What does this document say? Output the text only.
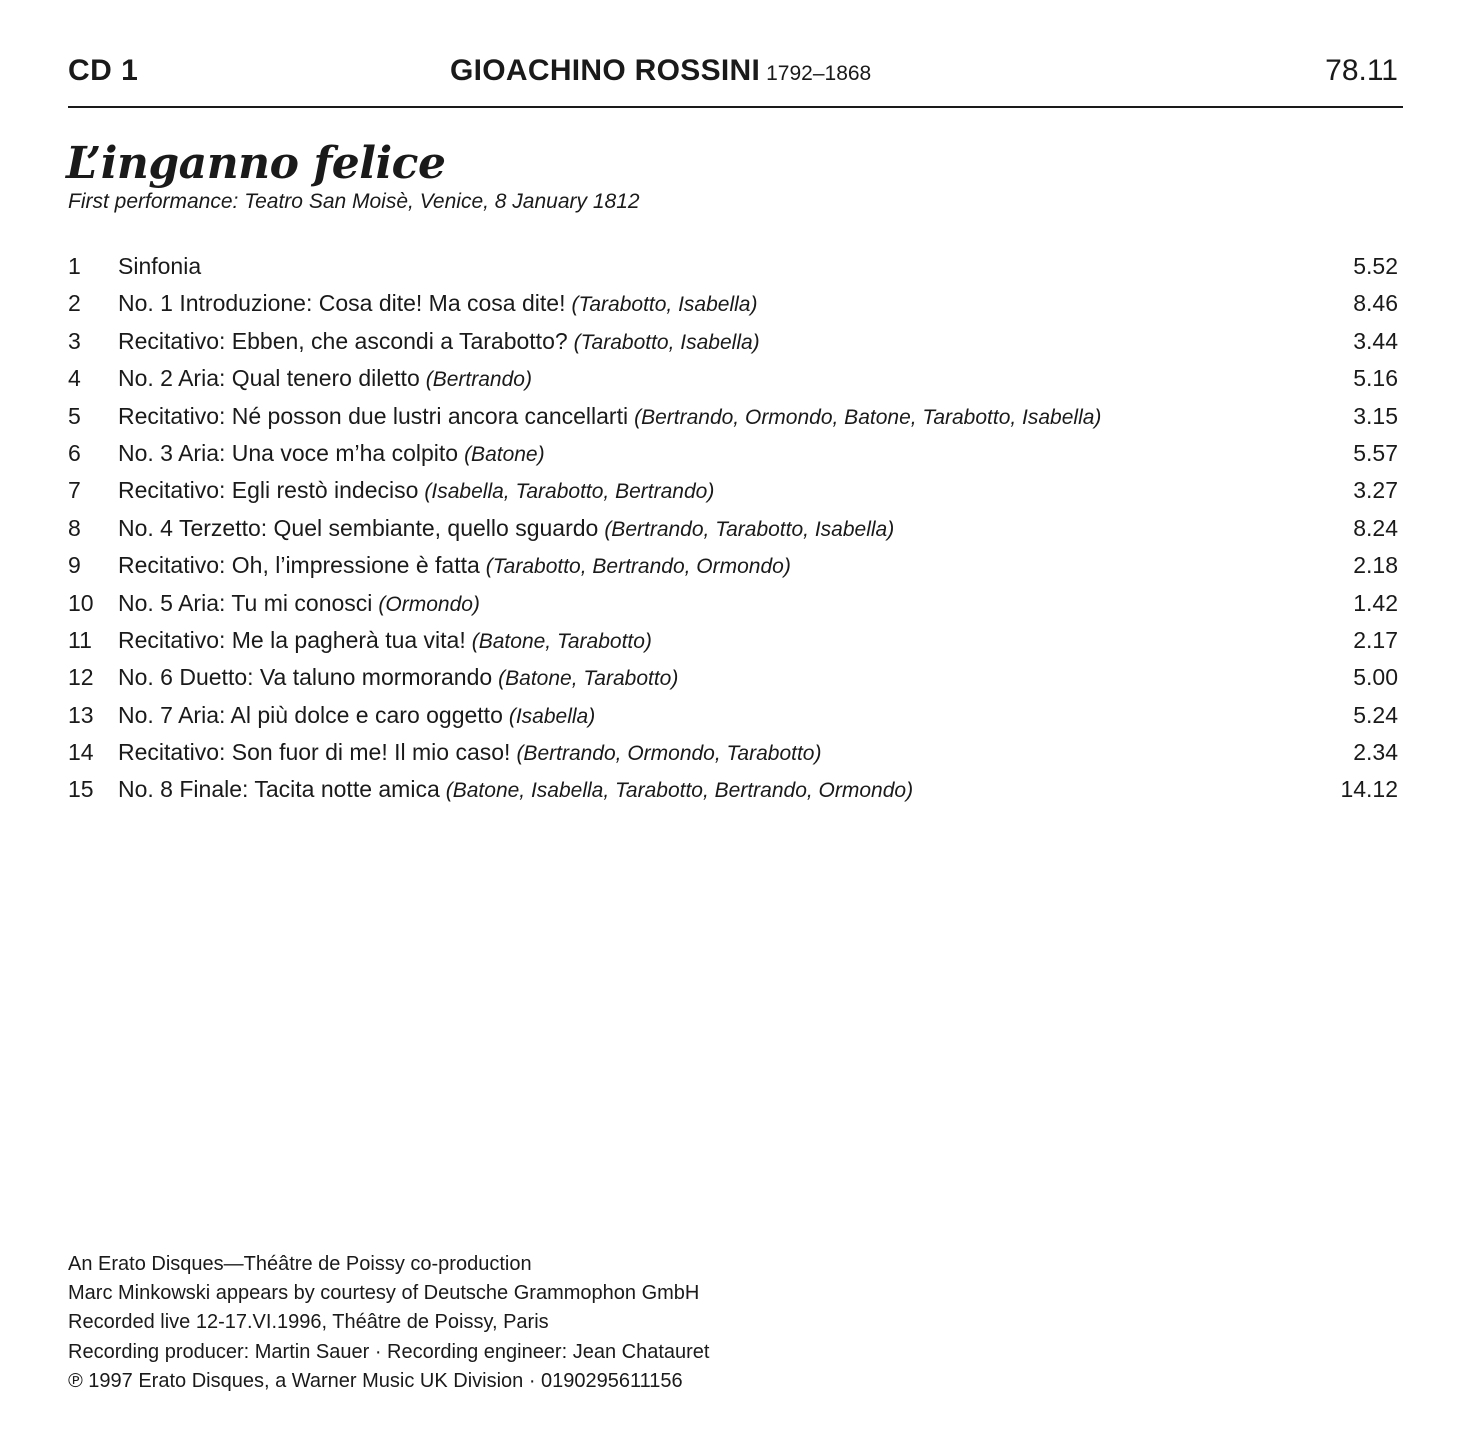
CD 1	GIOACHINO ROSSINI 1792–1868	78.11
L’inganno felice
First performance: Teatro San Moisè, Venice, 8 January 1812
1 Sinfonia	5.52
2 No. 1 Introduzione: Cosa dite! Ma cosa dite! (Tarabotto, Isabella)	8.46
3 Recitativo: Ebben, che ascondi a Tarabotto? (Tarabotto, Isabella)	3.44
4 No. 2 Aria: Qual tenero diletto (Bertrando)	5.16
5 Recitativo: Né posson due lustri ancora cancellarti (Bertrando, Ormondo, Batone, Tarabotto, Isabella)	3.15
6 No. 3 Aria: Una voce m’ha colpito (Batone)	5.57
7 Recitativo: Egli restò indeciso (Isabella, Tarabotto, Bertrando)	3.27
8 No. 4 Terzetto: Quel sembiante, quello sguardo (Bertrando, Tarabotto, Isabella)	8.24
9 Recitativo: Oh, l’impressione è fatta (Tarabotto, Bertrando, Ormondo)	2.18
10 No. 5 Aria: Tu mi conosci (Ormondo)	1.42
11 Recitativo: Me la pagherà tua vita! (Batone, Tarabotto)	2.17
12 No. 6 Duetto: Va taluno mormorando (Batone, Tarabotto)	5.00
13 No. 7 Aria: Al più dolce e caro oggetto (Isabella)	5.24
14 Recitativo: Son fuor di me! Il mio caso! (Bertrando, Ormondo, Tarabotto)	2.34
15 No. 8 Finale: Tacita notte amica (Batone, Isabella, Tarabotto, Bertrando, Ormondo)	14.12
An Erato Disques—Théâtre de Poissy co-production
Marc Minkowski appears by courtesy of Deutsche Grammophon GmbH
Recorded live 12-17.VI.1996, Théâtre de Poissy, Paris
Recording producer: Martin Sauer · Recording engineer: Jean Chatauret
℗ 1997 Erato Disques, a Warner Music UK Division · 0190295611156
